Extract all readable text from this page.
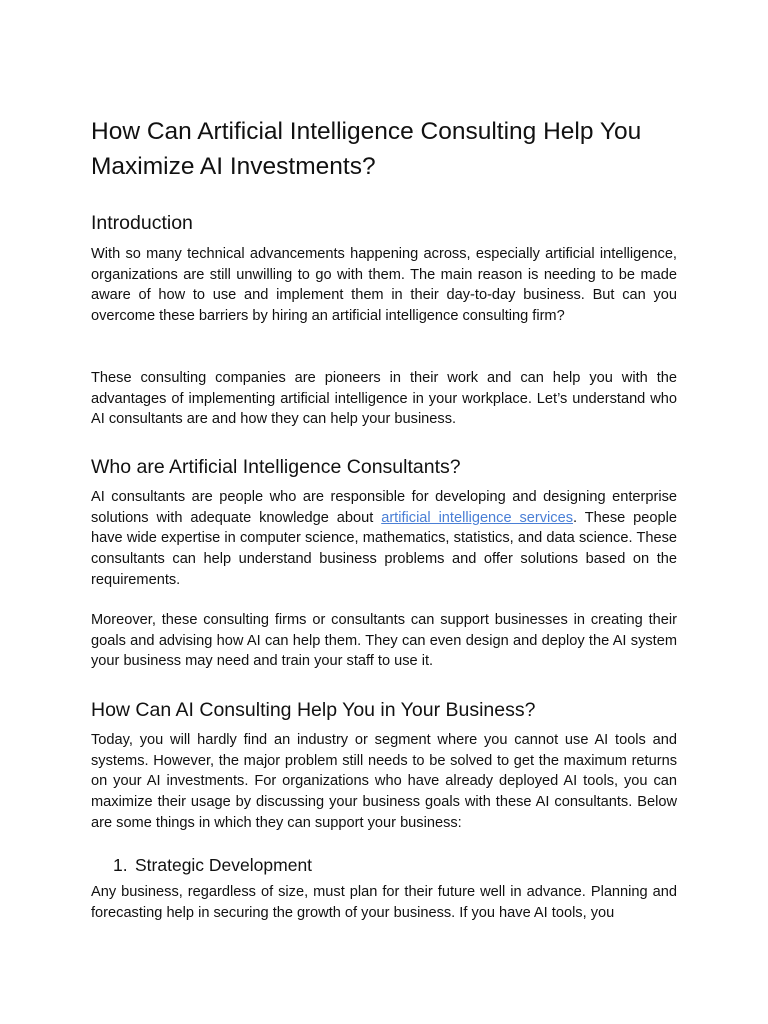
How Can Artificial Intelligence Consulting Help You Maximize AI Investments?
Introduction

With so many technical advancements happening across, especially artificial intelligence, organizations are still unwilling to go with them. The main reason is needing to be made aware of how to use and implement them in their day-to-day business. But can you overcome these barriers by hiring an artificial intelligence consulting firm?

These consulting companies are pioneers in their work and can help you with the advantages of implementing artificial intelligence in your workplace. Let’s understand who AI consultants are and how they can help your business.

Who are Artificial Intelligence Consultants?

AI consultants are people who are responsible for developing and designing enterprise solutions with adequate knowledge about artificial intelligence services. These people have wide expertise in computer science, mathematics, statistics, and data science. These consultants can help understand business problems and offer solutions based on the requirements.

Moreover, these consulting firms or consultants can support businesses in creating their goals and advising how AI can help them. They can even design and deploy the AI system your business may need and train your staff to use it.

How Can AI Consulting Help You in Your Business?

Today, you will hardly find an industry or segment where you cannot use AI tools and systems. However, the major problem still needs to be solved to get the maximum returns on your AI investments. For organizations who have already deployed AI tools, you can maximize their usage by discussing your business goals with these AI consultants. Below are some things in which they can support your business:

1. Strategic Development

Any business, regardless of size, must plan for their future well in advance. Planning and forecasting help in securing the growth of your business. If you have AI tools, you
